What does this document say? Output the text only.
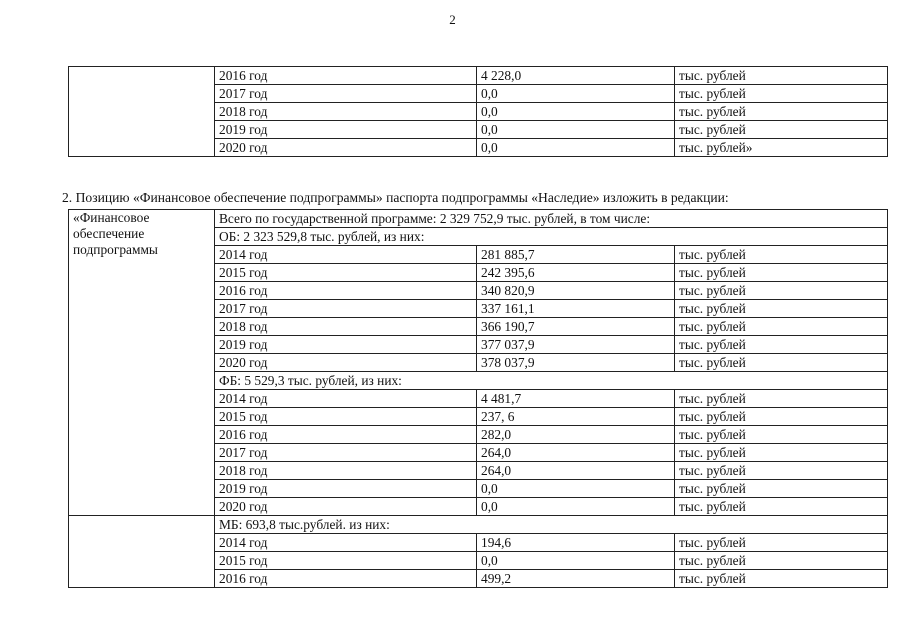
2
	2016 год	4 228,0	тыс. рублей
	2017 год	0,0	тыс. рублей
	2018 год	0,0	тыс. рублей
	2019 год	0,0	тыс. рублей
	2020 год	0,0	тыс. рублей»
2. Позицию «Финансовое обеспечение подпрограммы» паспорта подпрограммы «Наследие» изложить в редакции:
«Финансовое
обеспечение
подпрограммы	Всего по государственной программе: 2 329 752,9 тыс. рублей, в том числе:		
	ОБ: 2 323 529,8 тыс. рублей, из них:		
	2014 год	281 885,7	тыс. рублей
	2015 год	242 395,6	тыс. рублей
	2016 год	340 820,9	тыс. рублей
	2017 год	337 161,1	тыс. рублей
	2018 год	366 190,7	тыс. рублей
	2019 год	377 037,9	тыс. рублей
	2020 год	378 037,9	тыс. рублей
	ФБ: 5 529,3 тыс. рублей, из них:		
	2014 год	4 481,7	тыс. рублей
	2015 год	237, 6	тыс. рублей
	2016 год	282,0	тыс. рублей
	2017 год	264,0	тыс. рублей
	2018 год	264,0	тыс. рублей
	2019 год	0,0	тыс. рублей
	2020 год	0,0	тыс. рублей
	МБ: 693,8 тыс.рублей. из них:		
	2014 год	194,6	тыс. рублей
	2015 год	0,0	тыс. рублей
	2016 год	499,2	тыс. рублей
